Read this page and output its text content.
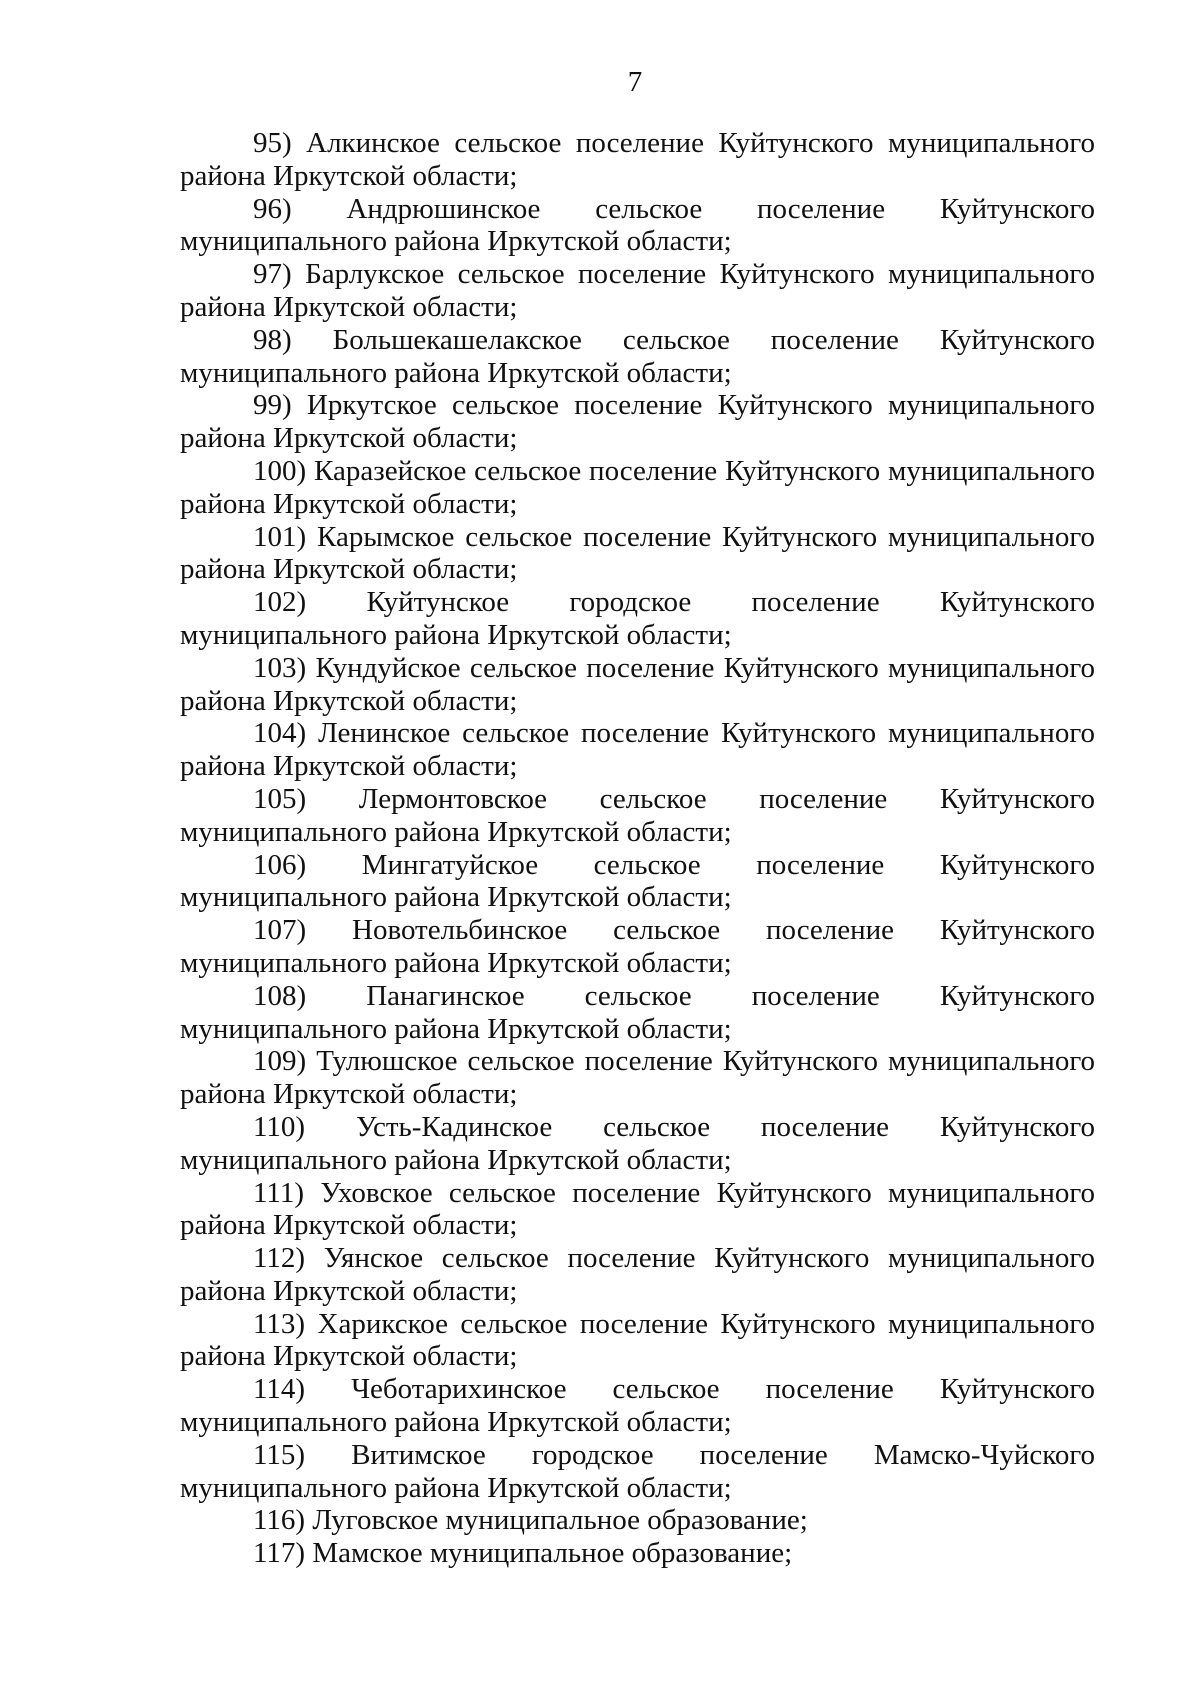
7
95) Алкинское сельское поселение Куйтунского муниципального района Иркутской области;
96) Андрюшинское сельское поселение Куйтунского муниципального района Иркутской области;
97) Барлукское сельское поселение Куйтунского муниципального района Иркутской области;
98) Большекашелакское сельское поселение Куйтунского муниципального района Иркутской области;
99) Иркутское сельское поселение Куйтунского муниципального района Иркутской области;
100) Каразейское сельское поселение Куйтунского муниципального района Иркутской области;
101) Карымское сельское поселение Куйтунского муниципального района Иркутской области;
102) Куйтунское городское поселение Куйтунского муниципального района Иркутской области;
103) Кундуйское сельское поселение Куйтунского муниципального района Иркутской области;
104) Ленинское сельское поселение Куйтунского муниципального района Иркутской области;
105) Лермонтовское сельское поселение Куйтунского муниципального района Иркутской области;
106) Мингатуйское сельское поселение Куйтунского муниципального района Иркутской области;
107) Новотельбинское сельское поселение Куйтунского муниципального района Иркутской области;
108) Панагинское сельское поселение Куйтунского муниципального района Иркутской области;
109) Тулюшское сельское поселение Куйтунского муниципального района Иркутской области;
110) Усть-Кадинское сельское поселение Куйтунского муниципального района Иркутской области;
111) Уховское сельское поселение Куйтунского муниципального района Иркутской области;
112) Уянское сельское поселение Куйтунского муниципального района Иркутской области;
113) Харикское сельское поселение Куйтунского муниципального района Иркутской области;
114) Чеботарихинское сельское поселение Куйтунского муниципального района Иркутской области;
115) Витимское городское поселение Мамско-Чуйского муниципального района Иркутской области;
116) Луговское муниципальное образование;
117) Мамское муниципальное образование;
